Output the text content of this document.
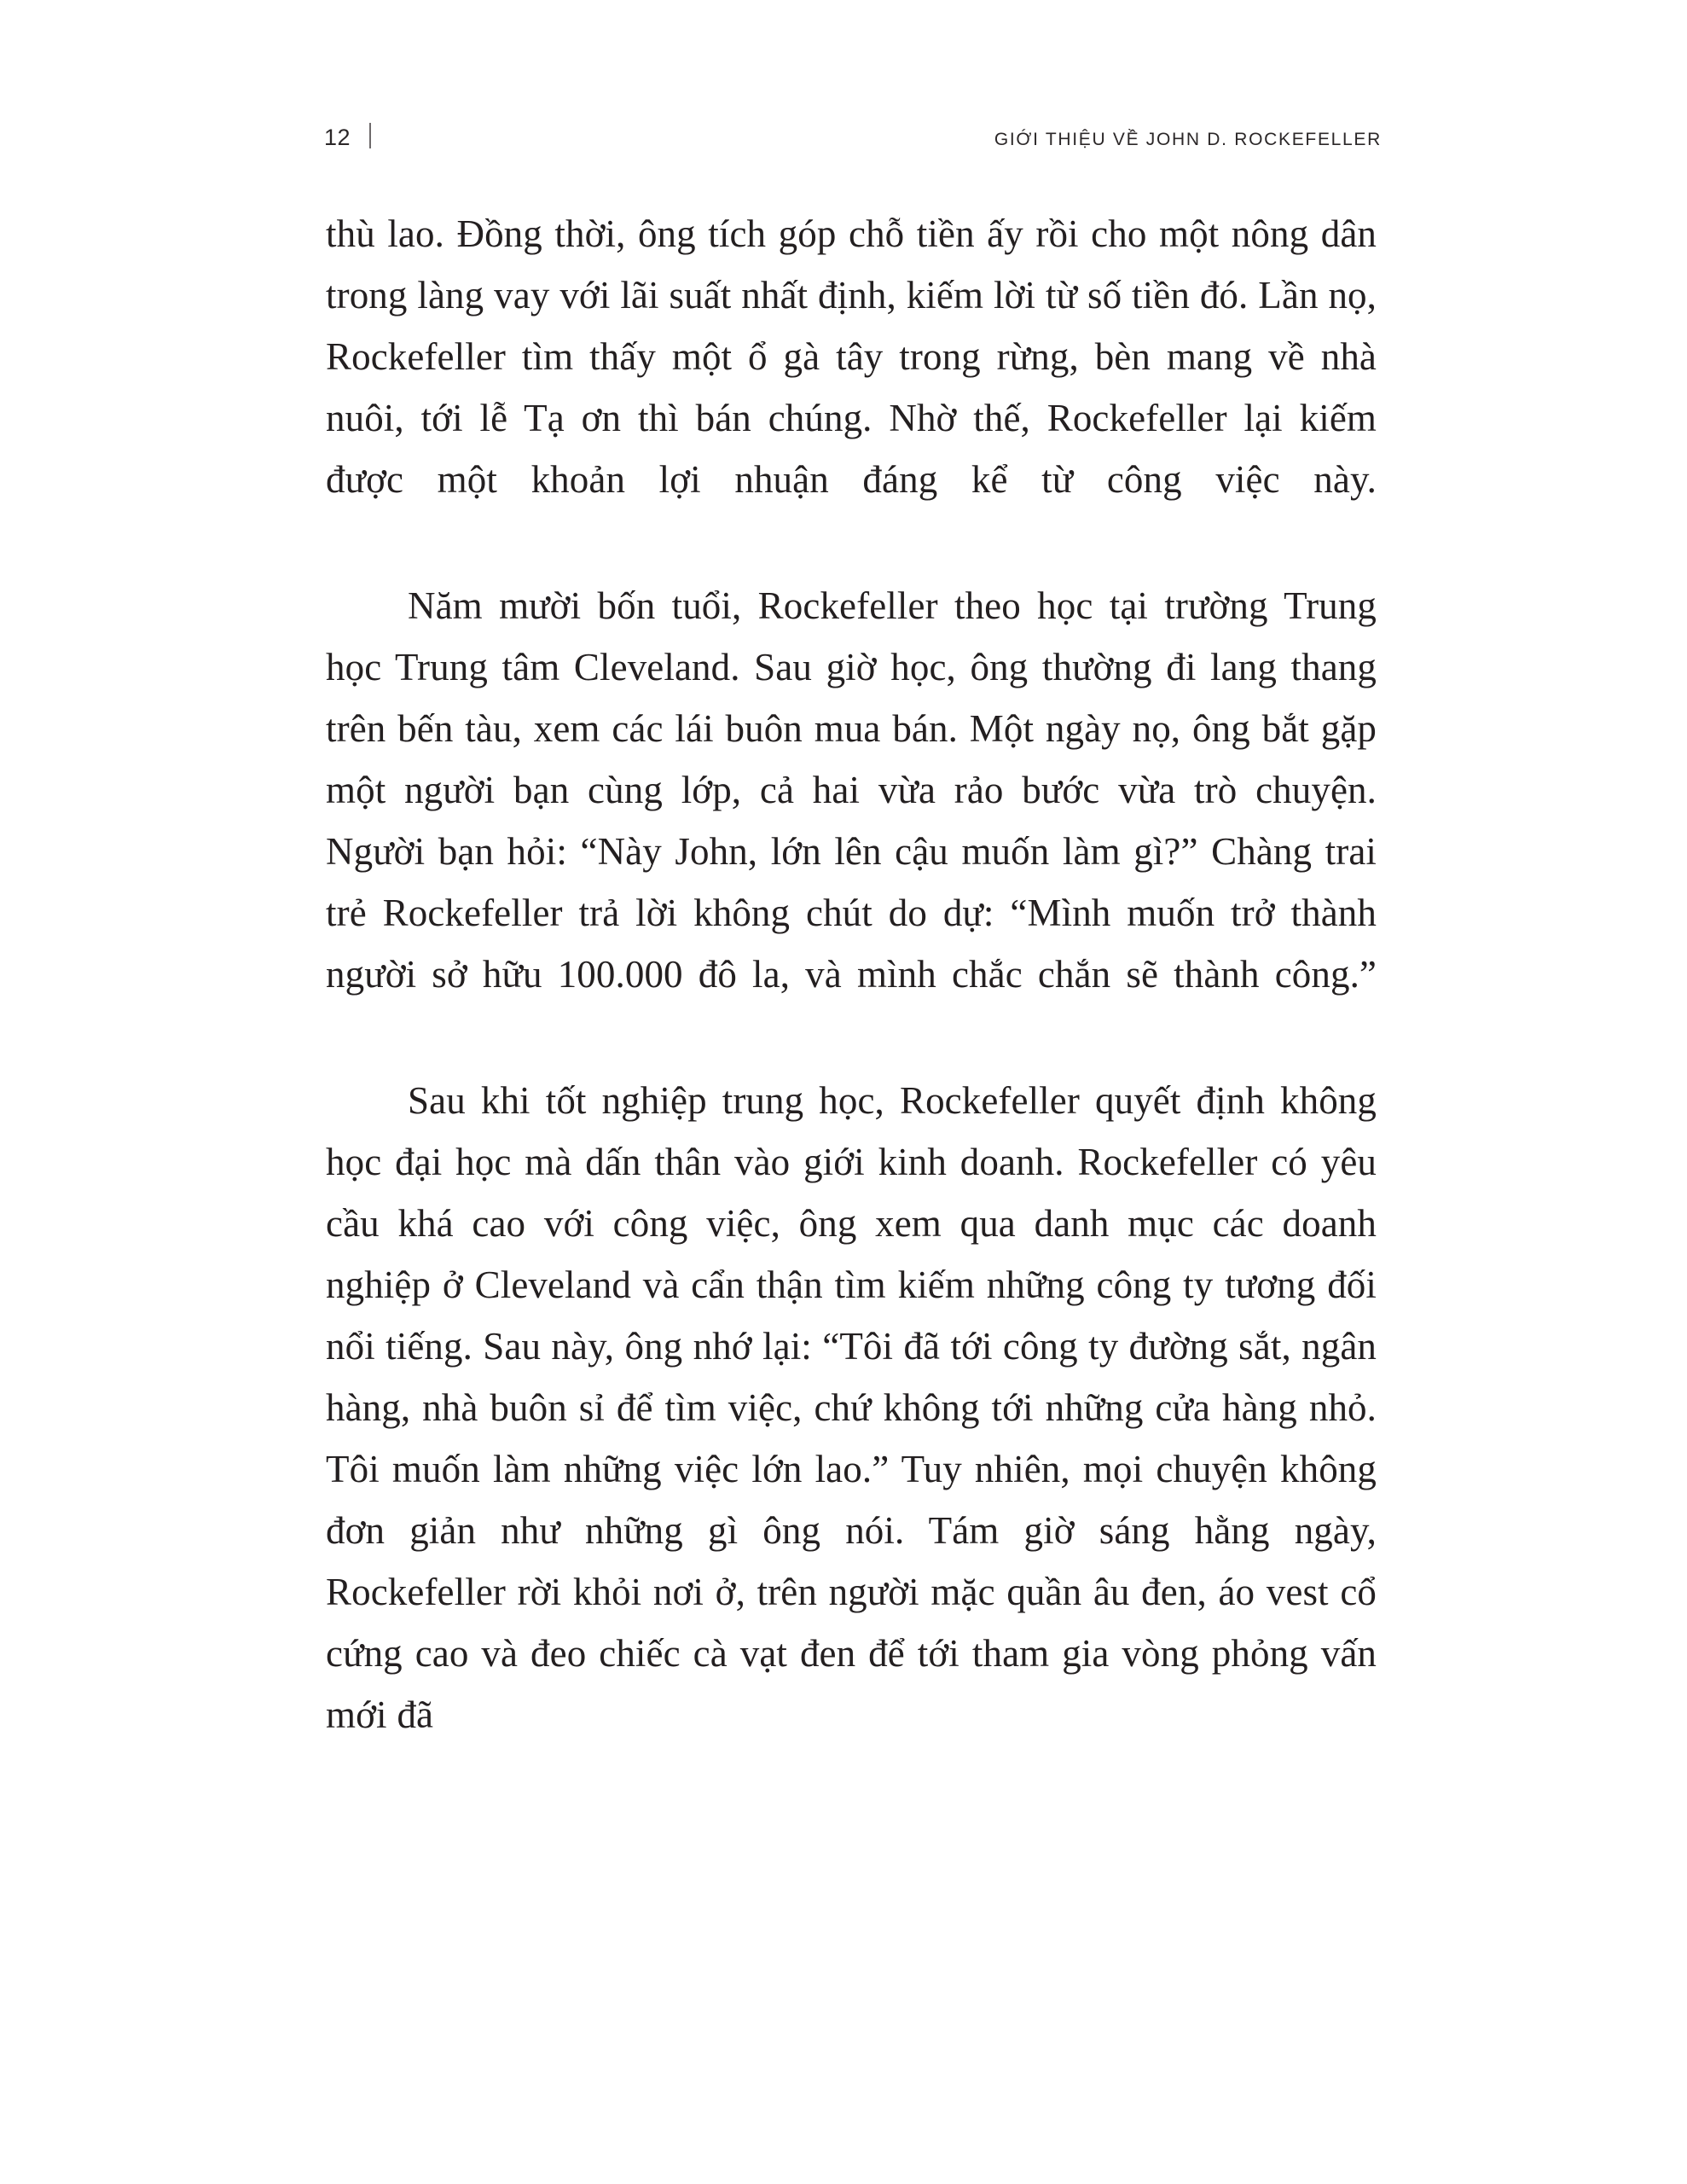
12	GIỚI THIỆU VỀ JOHN D. ROCKEFELLER

thù lao. Đồng thời, ông tích góp chỗ tiền ấy rồi cho một nông dân trong làng vay với lãi suất nhất định, kiếm lời từ số tiền đó. Lần nọ, Rockefeller tìm thấy một ổ gà tây trong rừng, bèn mang về nhà nuôi, tới lễ Tạ ơn thì bán chúng. Nhờ thế, Rockefeller lại kiếm được một khoản lợi nhuận đáng kể từ công việc này.

Năm mười bốn tuổi, Rockefeller theo học tại trường Trung học Trung tâm Cleveland. Sau giờ học, ông thường đi lang thang trên bến tàu, xem các lái buôn mua bán. Một ngày nọ, ông bắt gặp một người bạn cùng lớp, cả hai vừa rảo bước vừa trò chuyện. Người bạn hỏi: “Này John, lớn lên cậu muốn làm gì?” Chàng trai trẻ Rockefeller trả lời không chút do dự: “Mình muốn trở thành người sở hữu 100.000 đô la, và mình chắc chắn sẽ thành công.”

Sau khi tốt nghiệp trung học, Rockefeller quyết định không học đại học mà dấn thân vào giới kinh doanh. Rockefeller có yêu cầu khá cao với công việc, ông xem qua danh mục các doanh nghiệp ở Cleveland và cẩn thận tìm kiếm những công ty tương đối nổi tiếng. Sau này, ông nhớ lại: “Tôi đã tới công ty đường sắt, ngân hàng, nhà buôn sỉ để tìm việc, chứ không tới những cửa hàng nhỏ. Tôi muốn làm những việc lớn lao.” Tuy nhiên, mọi chuyện không đơn giản như những gì ông nói. Tám giờ sáng hằng ngày, Rockefeller rời khỏi nơi ở, trên người mặc quần âu đen, áo vest cổ cứng cao và đeo chiếc cà vạt đen để tới tham gia vòng phỏng vấn mới đã
